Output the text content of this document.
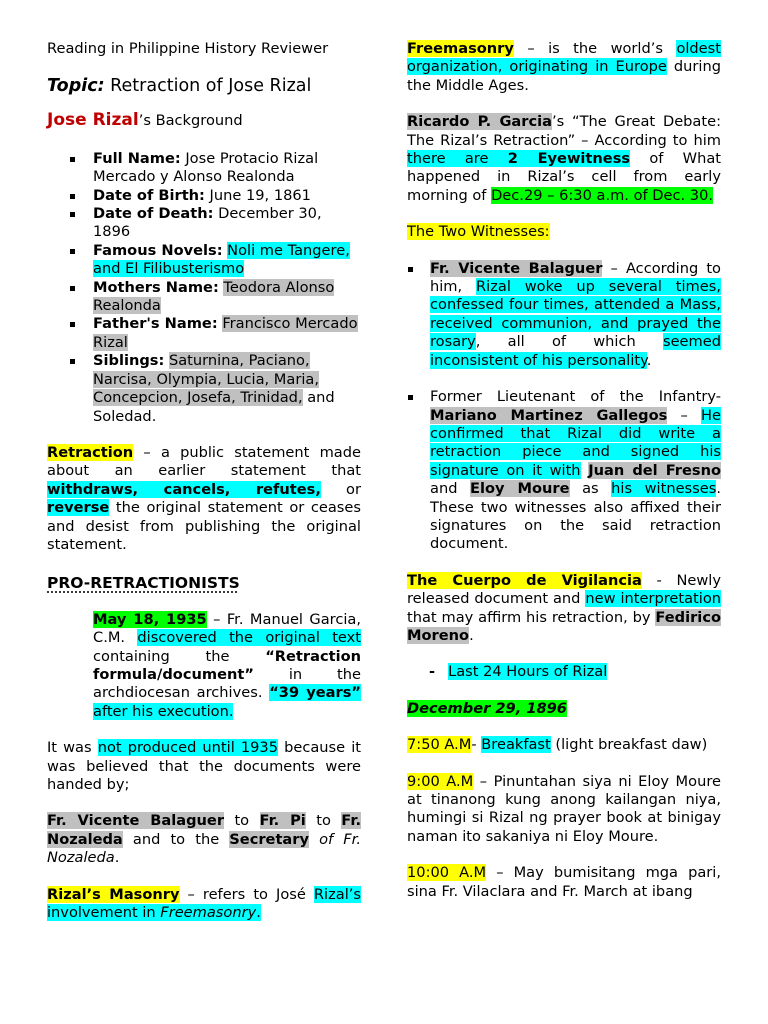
Reading in Philippine History Reviewer

Topic: Retraction of Jose Rizal

Jose Rizal’s Background

Full Name: Jose Protacio Rizal Mercado y Alonso Realonda
Date of Birth: June 19, 1861
Date of Death: December 30, 1896
Famous Novels: Noli me Tangere, and El Filibusterismo
Mothers Name: Teodora Alonso Realonda
Father's Name: Francisco Mercado Rizal
Siblings: Saturnina, Paciano, Narcisa, Olympia, Lucia, Maria, Concepcion, Josefa, Trinidad, and Soledad.

Retraction – a public statement made about an earlier statement that withdraws, cancels, refutes, or reverse the original statement or ceases and desist from publishing the original statement.

PRO-RETRACTIONISTS

May 18, 1935 – Fr. Manuel Garcia, C.M. discovered the original text containing the “Retraction formula/document” in the archdiocesan archives. “39 years” after his execution.

It was not produced until 1935 because it was believed that the documents were handed by;

Fr. Vicente Balaguer to Fr. Pi to Fr. Nozaleda and to the Secretary of Fr. Nozaleda.

Rizal’s Masonry – refers to José Rizal’s involvement in Freemasonry.

Freemasonry – is the world’s oldest organization, originating in Europe during the Middle Ages.

Ricardo P. Garcia’s “The Great Debate: The Rizal’s Retraction” – According to him there are 2 Eyewitness of What happened in Rizal’s cell from early morning of Dec.29 – 6:30 a.m. of Dec. 30.

The Two Witnesses:

Fr. Vicente Balaguer – According to him, Rizal woke up several times, confessed four times, attended a Mass, received communion, and prayed the rosary, all of which seemed inconsistent of his personality.
Former Lieutenant of the Infantry- Mariano Martinez Gallegos – He confirmed that Rizal did write a retraction piece and signed his signature on it with Juan del Fresno and Eloy Moure as his witnesses. These two witnesses also affixed their signatures on the said retraction document.

The Cuerpo de Vigilancia - Newly released document and new interpretation that may affirm his retraction, by Fedirico Moreno.

- Last 24 Hours of Rizal

December 29, 1896

7:50 A.M- Breakfast (light breakfast daw)

9:00 A.M – Pinuntahan siya ni Eloy Moure at tinanong kung anong kailangan niya, humingi si Rizal ng prayer book at binigay naman ito sakaniya ni Eloy Moure.

10:00 A.M – May bumisitang mga pari, sina Fr. Vilaclara and Fr. March at ibang
